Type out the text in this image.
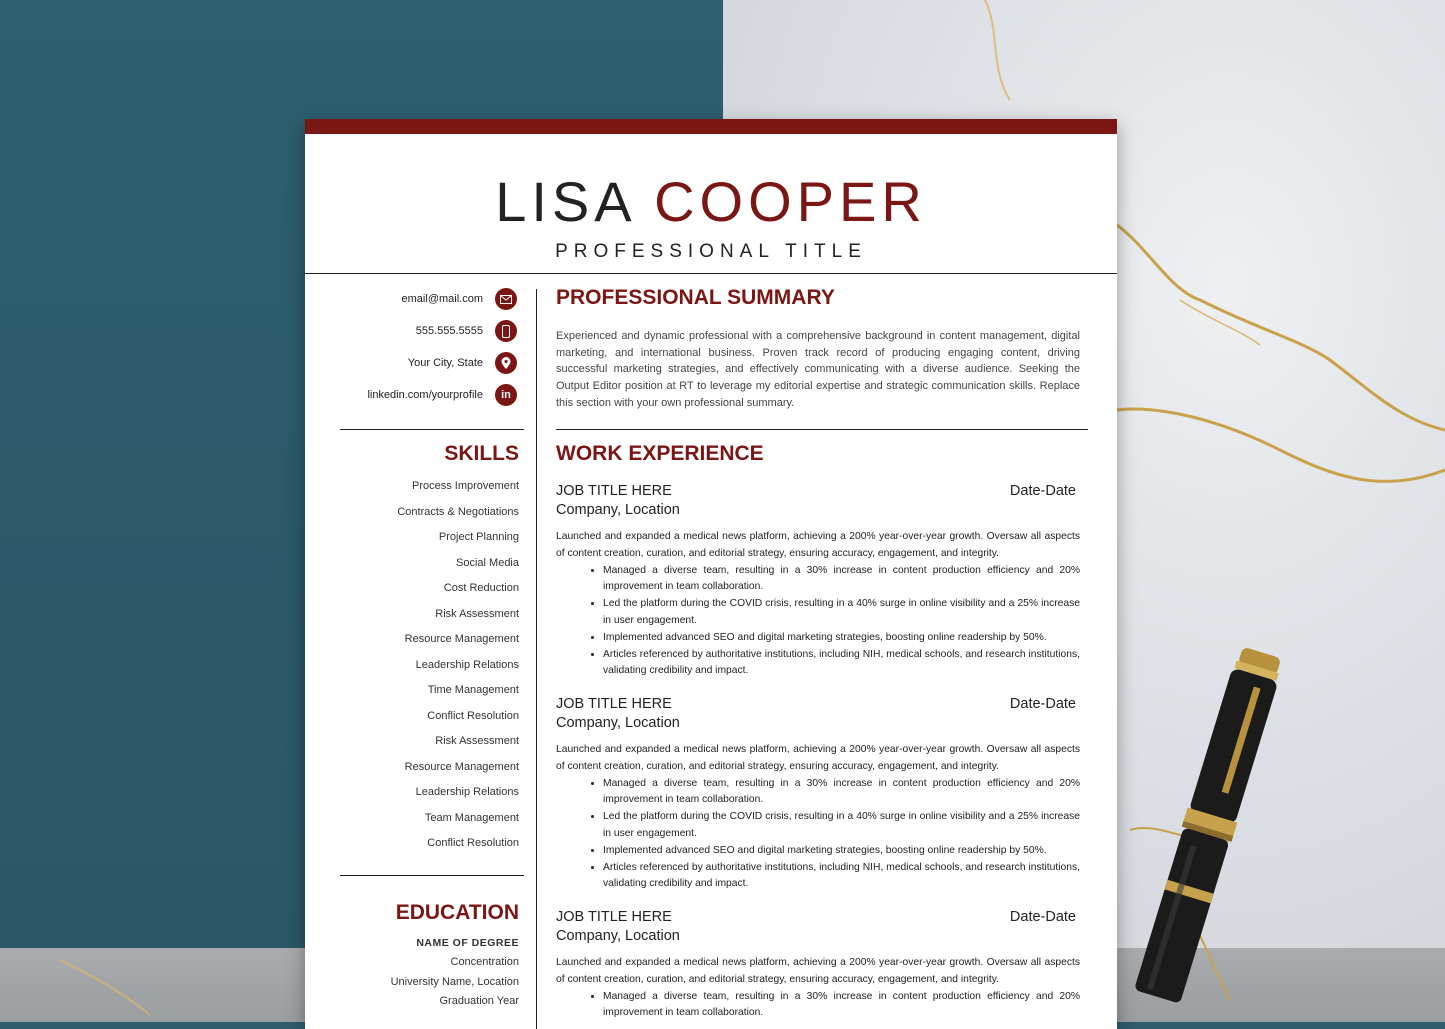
LISA COOPER
PROFESSIONAL TITLE
email@mail.com
555.555.5555
Your City, State
linkedin.com/yourprofile	in
SKILLS
Process Improvement
Contracts & Negotiations
Project Planning
Social Media
Cost Reduction
Risk Assessment
Resource Management
Leadership Relations
Time Management
Conflict Resolution
Risk Assessment
Resource Management
Leadership Relations
Team Management
Conflict Resolution
EDUCATION
NAME OF DEGREE
Concentration
University Name, Location
Graduation Year
PROFESSIONAL SUMMARY
Experienced and dynamic professional with a comprehensive background in content management, digital marketing, and international business. Proven track record of producing engaging content, driving successful marketing strategies, and effectively communicating with a diverse audience. Seeking the Output Editor position at RT to leverage my editorial expertise and strategic communication skills. Replace this section with your own professional summary.
WORK EXPERIENCE
JOB TITLE HERE	Date-Date
Company, Location
Launched and expanded a medical news platform, achieving a 200% year-over-year growth. Oversaw all aspects of content creation, curation, and editorial strategy, ensuring accuracy, engagement, and integrity.
• Managed a diverse team, resulting in a 30% increase in content production efficiency and 20% improvement in team collaboration.
• Led the platform during the COVID crisis, resulting in a 40% surge in online visibility and a 25% increase in user engagement.
• Implemented advanced SEO and digital marketing strategies, boosting online readership by 50%.
• Articles referenced by authoritative institutions, including NIH, medical schools, and research institutions, validating credibility and impact.
JOB TITLE HERE	Date-Date
Company, Location
Launched and expanded a medical news platform, achieving a 200% year-over-year growth. Oversaw all aspects of content creation, curation, and editorial strategy, ensuring accuracy, engagement, and integrity.
• Managed a diverse team, resulting in a 30% increase in content production efficiency and 20% improvement in team collaboration.
• Led the platform during the COVID crisis, resulting in a 40% surge in online visibility and a 25% increase in user engagement.
• Implemented advanced SEO and digital marketing strategies, boosting online readership by 50%.
• Articles referenced by authoritative institutions, including NIH, medical schools, and research institutions, validating credibility and impact.
JOB TITLE HERE	Date-Date
Company, Location
Launched and expanded a medical news platform, achieving a 200% year-over-year growth. Oversaw all aspects of content creation, curation, and editorial strategy, ensuring accuracy, engagement, and integrity.
• Managed a diverse team, resulting in a 30% increase in content production efficiency and 20% improvement in team collaboration.
